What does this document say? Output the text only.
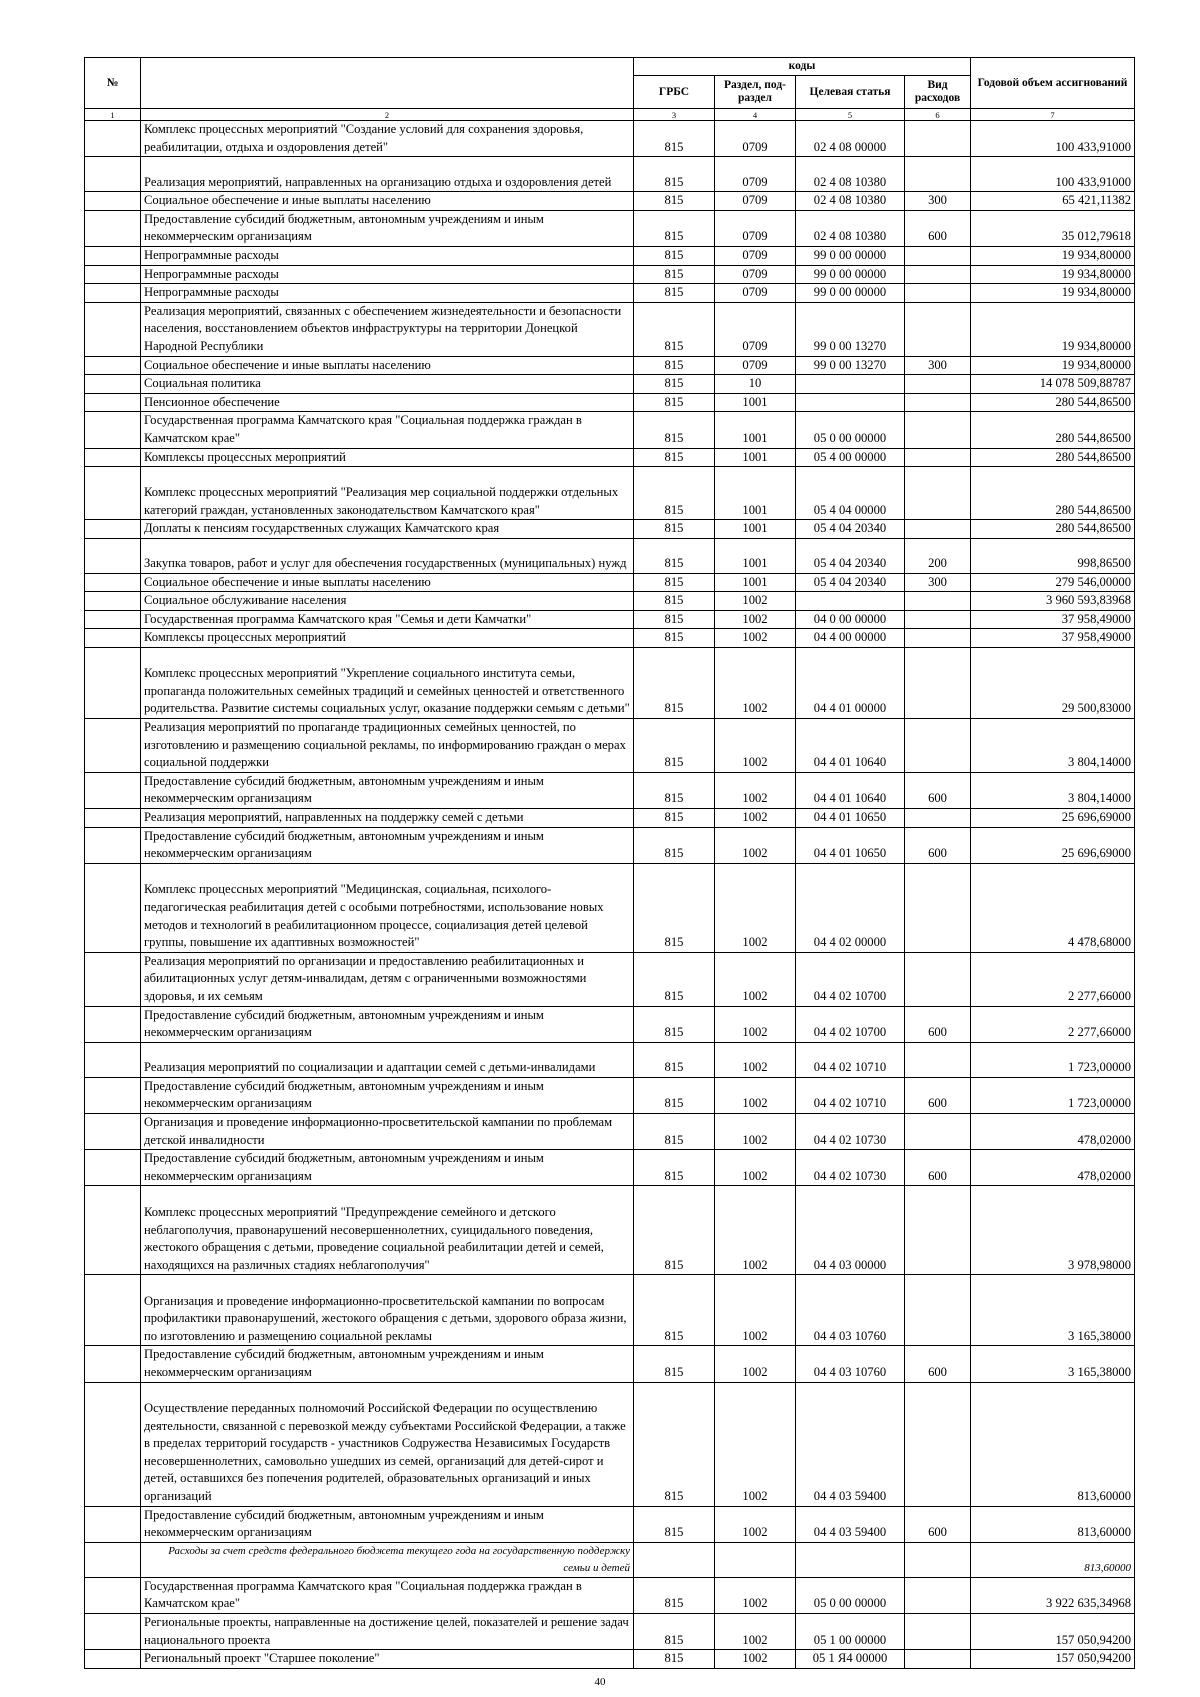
№		коды				Годовой объем ассигнований
		ГРБС	Раздел, под-раздел	Целевая статья	Вид расходов	
1	2	3	4	5	6	7
	Комплекс процессных мероприятий "Создание условий для сохранения здоровья, реабилитации, отдыха и оздоровления детей"	815	0709	02 4 08 00000		100 433,91000
	Реализация мероприятий, направленных на организацию отдыха и оздоровления детей	815	0709	02 4 08 10380		100 433,91000
	Социальное обеспечение и иные выплаты населению	815	0709	02 4 08 10380	300	65 421,11382
	Предоставление субсидий бюджетным, автономным учреждениям и иным некоммерческим организациям	815	0709	02 4 08 10380	600	35 012,79618
	Непрограммные расходы	815	0709	99 0 00 00000		19 934,80000
	Непрограммные расходы	815	0709	99 0 00 00000		19 934,80000
	Непрограммные расходы	815	0709	99 0 00 00000		19 934,80000
	Реализация мероприятий, связанных с обеспечением жизнедеятельности и безопасности населения, восстановлением объектов инфраструктуры на территории Донецкой Народной Республики	815	0709	99 0 00 13270		19 934,80000
	Социальное обеспечение и иные выплаты населению	815	0709	99 0 00 13270	300	19 934,80000
	Социальная политика	815	10			14 078 509,88787
	Пенсионное обеспечение	815	1001			280 544,86500
	Государственная программа Камчатского края "Социальная поддержка граждан в Камчатском крае"	815	1001	05 0 00 00000		280 544,86500
	Комплексы процессных мероприятий	815	1001	05 4 00 00000		280 544,86500
	Комплекс процессных мероприятий "Реализация мер социальной поддержки отдельных категорий граждан, установленных законодательством Камчатского края"	815	1001	05 4 04 00000		280 544,86500
	Доплаты к пенсиям государственных служащих Камчатского края	815	1001	05 4 04 20340		280 544,86500
	Закупка товаров, работ и услуг для обеспечения государственных (муниципальных) нужд	815	1001	05 4 04 20340	200	998,86500
	Социальное обеспечение и иные выплаты населению	815	1001	05 4 04 20340	300	279 546,00000
	Социальное обслуживание населения	815	1002			3 960 593,83968
	Государственная программа Камчатского края "Семья и дети Камчатки"	815	1002	04 0 00 00000		37 958,49000
	Комплексы процессных мероприятий	815	1002	04 4 00 00000		37 958,49000
	Комплекс процессных мероприятий "Укрепление социального института семьи, пропаганда положительных семейных традиций и семейных ценностей и ответственного родительства. Развитие системы социальных услуг, оказание поддержки семьям с детьми"	815	1002	04 4 01 00000		29 500,83000
	Реализация мероприятий по пропаганде традиционных семейных ценностей, по изготовлению и размещению социальной рекламы, по информированию граждан о мерах социальной поддержки	815	1002	04 4 01 10640		3 804,14000
	Предоставление субсидий бюджетным, автономным учреждениям и иным некоммерческим организациям	815	1002	04 4 01 10640	600	3 804,14000
	Реализация мероприятий, направленных на поддержку семей с детьми	815	1002	04 4 01 10650		25 696,69000
	Предоставление субсидий бюджетным, автономным учреждениям и иным некоммерческим организациям	815	1002	04 4 01 10650	600	25 696,69000
	Комплекс процессных мероприятий "Медицинская, социальная, психолого-педагогическая реабилитация детей с особыми потребностями, использование новых методов и технологий в реабилитационном процессе, социализация детей целевой группы, повышение их адаптивных возможностей"	815	1002	04 4 02 00000		4 478,68000
	Реализация мероприятий по организации и предоставлению реабилитационных и абилитационных услуг детям-инвалидам, детям с ограниченными возможностями здоровья, и их семьям	815	1002	04 4 02 10700		2 277,66000
	Предоставление субсидий бюджетным, автономным учреждениям и иным некоммерческим организациям	815	1002	04 4 02 10700	600	2 277,66000
	Реализация мероприятий по социализации и адаптации семей с детьми-инвалидами	815	1002	04 4 02 10710		1 723,00000
	Предоставление субсидий бюджетным, автономным учреждениям и иным некоммерческим организациям	815	1002	04 4 02 10710	600	1 723,00000
	Организация и проведение информационно-просветительской кампании по проблемам детской инвалидности	815	1002	04 4 02 10730		478,02000
	Предоставление субсидий бюджетным, автономным учреждениям и иным некоммерческим организациям	815	1002	04 4 02 10730	600	478,02000
	Комплекс процессных мероприятий "Предупреждение семейного и детского неблагополучия, правонарушений несовершеннолетних, суицидального поведения, жестокого обращения с детьми, проведение социальной реабилитации детей и семей, находящихся на различных стадиях неблагополучия"	815	1002	04 4 03 00000		3 978,98000
	Организация и проведение информационно-просветительской кампании по вопросам профилактики правонарушений, жестокого обращения с детьми, здорового образа жизни, по изготовлению и размещению социальной рекламы	815	1002	04 4 03 10760		3 165,38000
	Предоставление субсидий бюджетным, автономным учреждениям и иным некоммерческим организациям	815	1002	04 4 03 10760	600	3 165,38000
	Осуществление переданных полномочий Российской Федерации по осуществлению деятельности, связанной с перевозкой между субъектами Российской Федерации, а также в пределах территорий государств - участников Содружества Независимых Государств несовершеннолетних, самовольно ушедших из семей, организаций для детей-сирот и детей, оставшихся без попечения родителей, образовательных организаций и иных организаций	815	1002	04 4 03 59400		813,60000
	Предоставление субсидий бюджетным, автономным учреждениям и иным некоммерческим организациям	815	1002	04 4 03 59400	600	813,60000
	Расходы за счет средств федерального бюджета текущего года на государственную поддержку семьи и детей					813,60000
	Государственная программа Камчатского края "Социальная поддержка граждан в Камчатском крае"	815	1002	05 0 00 00000		3 922 635,34968
	Региональные проекты, направленные на достижение целей, показателей и решение задач национального проекта	815	1002	05 1 00 00000		157 050,94200
	Региональный проект "Старшее поколение"	815	1002	05 1 Я4 00000		157 050,94200
40
